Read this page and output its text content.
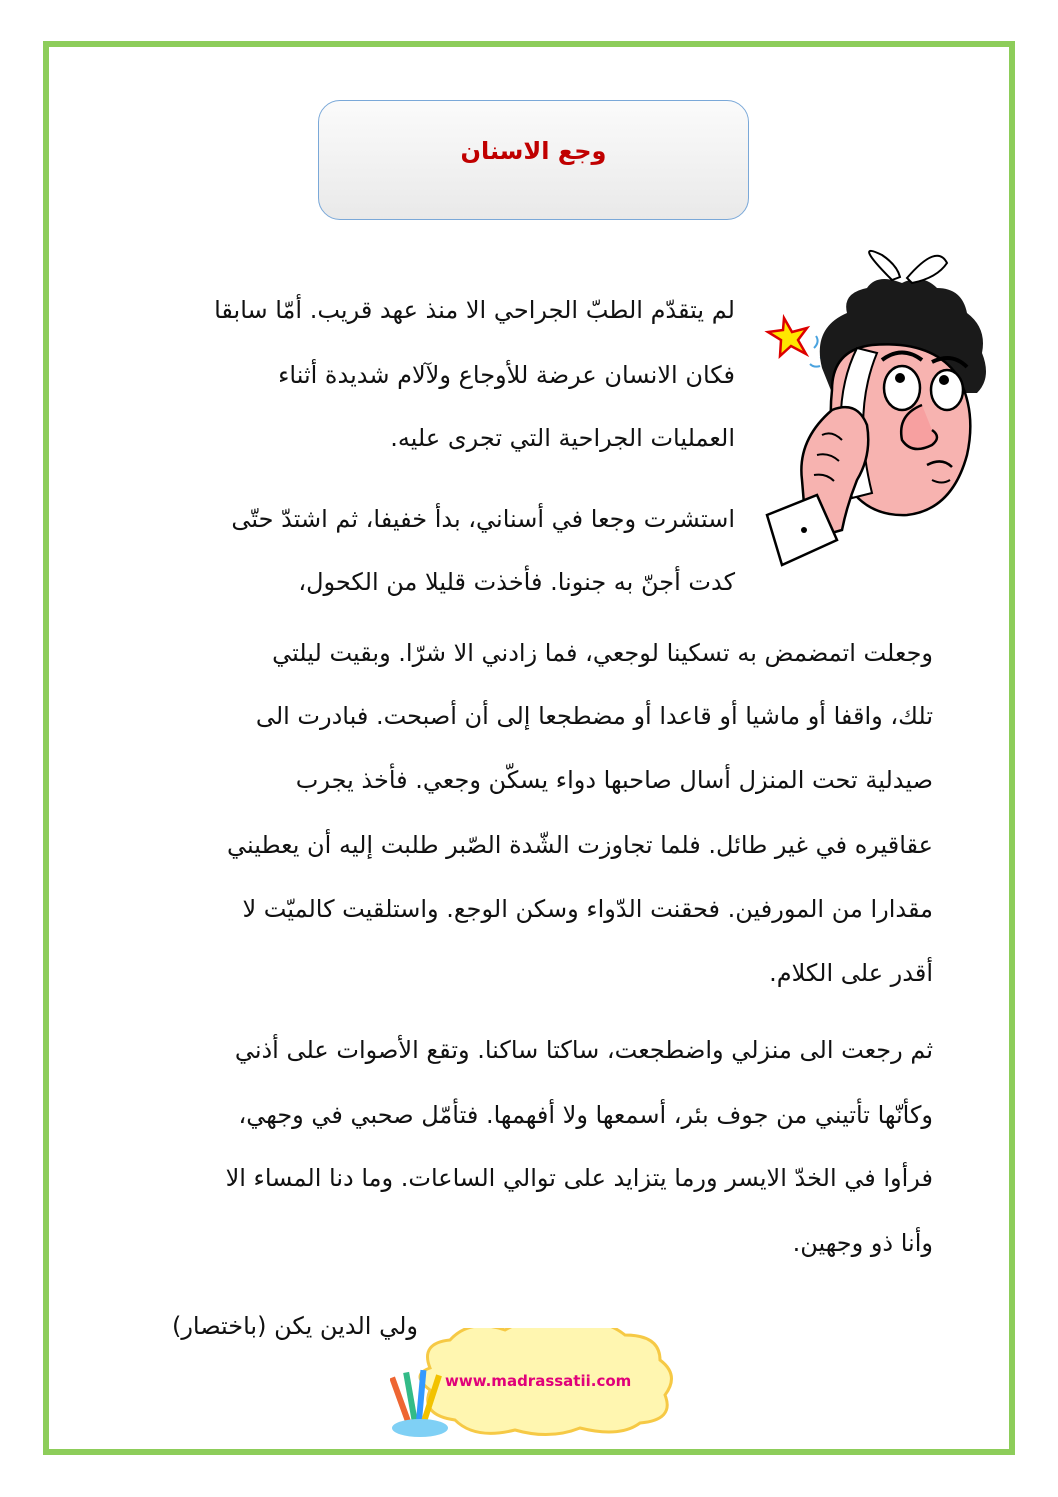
وجع الاسنان
لم يتقدّم الطبّ الجراحي الا منذ عهد قريب. أمّا سابقا
فكان الانسان عرضة للأوجاع ولآلام شديدة أثناء
العمليات الجراحية التي تجرى عليه.
استشرت وجعا في أسناني، بدأ خفيفا، ثم اشتدّ حتّى
كدت أجنّ به جنونا. فأخذت قليلا من الكحول،
وجعلت اتمضمض به تسكينا لوجعي، فما زادني الا شرّا. وبقيت ليلتي
تلك، واقفا أو ماشيا أو قاعدا أو مضطجعا إلى أن أصبحت. فبادرت الى
صيدلية تحت المنزل أسال صاحبها دواء يسكّن وجعي. فأخذ يجرب
عقاقيره في غير طائل. فلما تجاوزت الشّدة الصّبر طلبت إليه أن يعطيني
مقدارا من المورفين. فحقنت الدّواء وسكن الوجع. واستلقيت كالميّت لا
أقدر على الكلام.
ثم رجعت الى منزلي واضطجعت، ساكتا ساكنا. وتقع الأصوات على أذني
وكأنّها تأتيني من جوف بئر، أسمعها ولا أفهمها. فتأمّل صحبي في وجهي،
فرأوا في الخدّ الايسر ورما يتزايد على توالي الساعات. وما دنا المساء الا
وأنا ذو وجهين.
ولي الدين يكن (باختصار)
www.madrassatii.com
